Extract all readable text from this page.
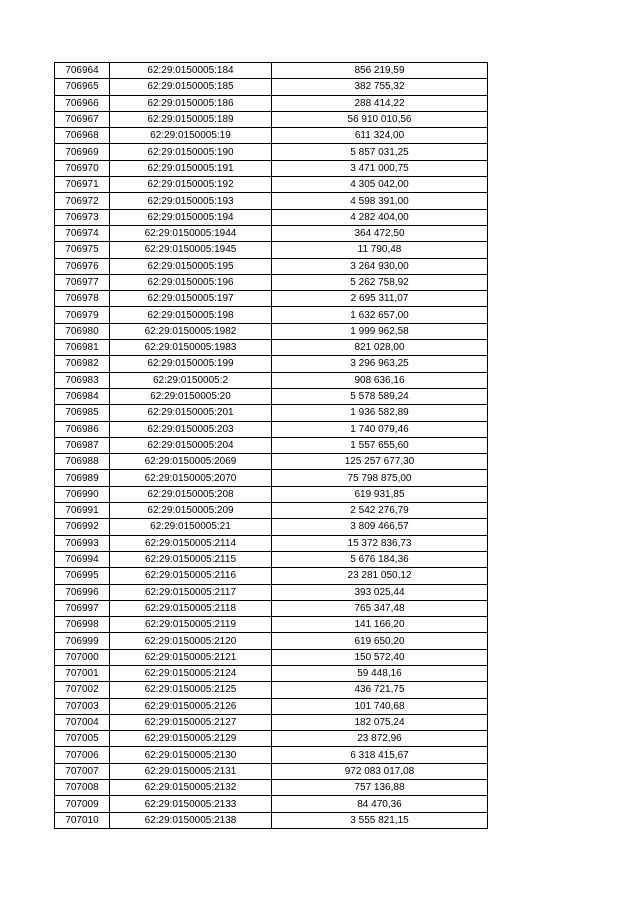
706964	62:29:0150005:184	856 219,59
706965	62:29:0150005:185	382 755,32
706966	62:29:0150005:186	288 414,22
706967	62:29:0150005:189	56 910 010,56
706968	62:29:0150005:19	611 324,00
706969	62:29:0150005:190	5 857 031,25
706970	62:29:0150005:191	3 471 000,75
706971	62:29:0150005:192	4 305 042,00
706972	62:29:0150005:193	4 598 391,00
706973	62:29:0150005:194	4 282 404,00
706974	62:29:0150005:1944	364 472,50
706975	62:29:0150005:1945	11 790,48
706976	62:29:0150005:195	3 264 930,00
706977	62:29:0150005:196	5 262 758,92
706978	62:29:0150005:197	2 695 311,07
706979	62:29:0150005:198	1 632 657,00
706980	62:29:0150005:1982	1 999 962,58
706981	62:29:0150005:1983	821 028,00
706982	62:29:0150005:199	3 296 963,25
706983	62:29:0150005:2	908 636,16
706984	62:29:0150005:20	5 578 589,24
706985	62:29:0150005:201	1 936 582,89
706986	62:29:0150005:203	1 740 079,46
706987	62:29:0150005:204	1 557 655,60
706988	62:29:0150005:2069	125 257 677,30
706989	62:29:0150005:2070	75 798 875,00
706990	62:29:0150005:208	619 931,85
706991	62:29:0150005:209	2 542 276,79
706992	62:29:0150005:21	3 809 466,57
706993	62:29:0150005:2114	15 372 836,73
706994	62:29:0150005:2115	5 676 184,36
706995	62:29:0150005:2116	23 281 050,12
706996	62:29:0150005:2117	393 025,44
706997	62:29:0150005:2118	765 347,48
706998	62:29:0150005:2119	141 166,20
706999	62:29:0150005:2120	619 650,20
707000	62:29:0150005:2121	150 572,40
707001	62:29:0150005:2124	59 448,16
707002	62:29:0150005:2125	436 721,75
707003	62:29:0150005:2126	101 740,68
707004	62:29:0150005:2127	182 075,24
707005	62:29:0150005:2129	23 872,96
707006	62:29:0150005:2130	6 318 415,67
707007	62:29:0150005:2131	972 083 017,08
707008	62:29:0150005:2132	757 136,88
707009	62:29:0150005:2133	84 470,36
707010	62:29:0150005:2138	3 555 821,15
